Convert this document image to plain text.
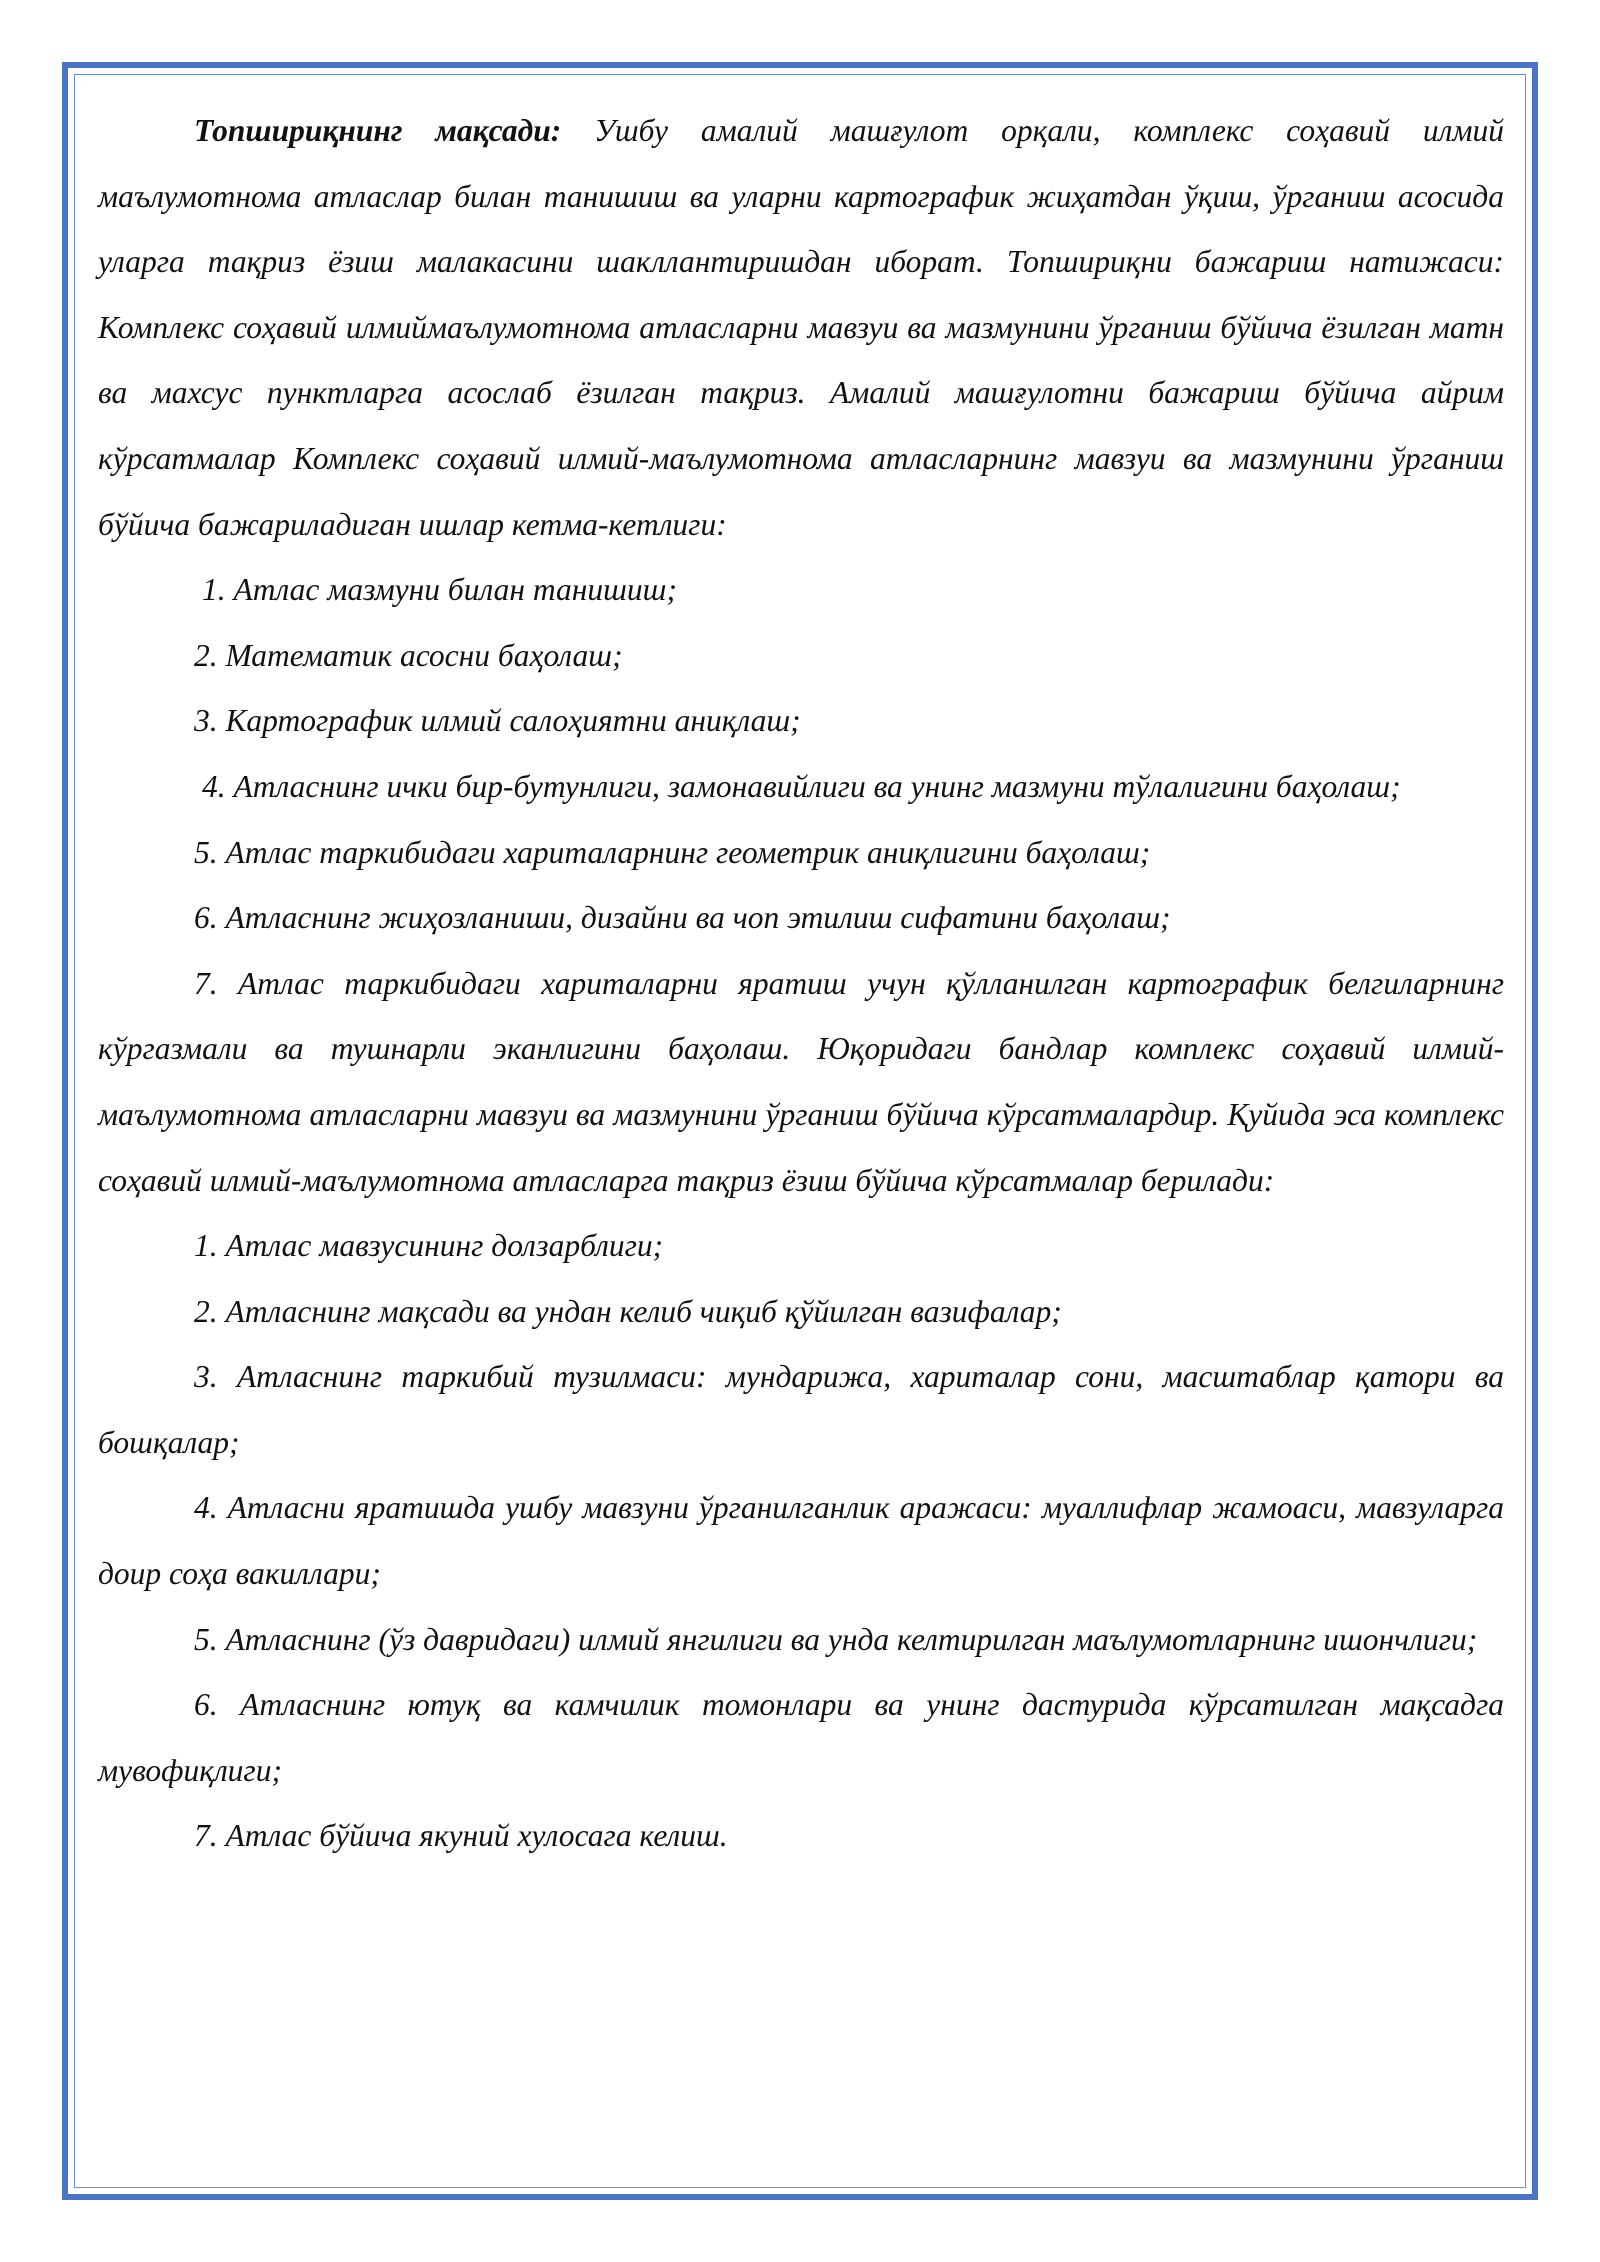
Топшириқнинг мақсади: Ушбу амалий машғулот орқали, комплекс соҳавий илмий маълумотнома атласлар билан танишиш ва уларни картографик жиҳатдан ўқиш, ўрганиш асосида уларга тақриз ёзиш малакасини шакллантиришдан иборат. Топшириқни бажариш натижаси: Комплекс соҳавий илмиймаълумотнома атласларни мавзуи ва мазмунини ўрганиш бўйича ёзилган матн ва махсус пунктларга асослаб ёзилган тақриз. Амалий машғулотни бажариш бўйича айрим кўрсатмалар Комплекс соҳавий илмий-маълумотнома атласларнинг мавзуи ва мазмунини ўрганиш бўйича бажариладиган ишлар кетма-кетлиги:

1. Атлас мазмуни билан танишиш;

2. Математик асосни баҳолаш;

3. Картографик илмий салоҳиятни аниқлаш;

4. Атласнинг ички бир-бутунлиги, замонавийлиги ва унинг мазмуни тўлалигини баҳолаш;

5. Атлас таркибидаги хариталарнинг геометрик аниқлигини баҳолаш;

6. Атласнинг жиҳозланиши, дизайни ва чоп этилиш сифатини баҳолаш;

7. Атлас таркибидаги хариталарни яратиш учун қўлланилган картографик белгиларнинг кўргазмали ва тушнарли эканлигини баҳолаш. Юқоридаги бандлар комплекс соҳавий илмий-маълумотнома атласларни мавзуи ва мазмунини ўрганиш бўйича кўрсатмалардир. Қуйида эса комплекс соҳавий илмий-маълумотнома атласларга тақриз ёзиш бўйича кўрсатмалар берилади:

1. Атлас мавзусининг долзарблиги;

2. Атласнинг мақсади ва ундан келиб чиқиб қўйилган вазифалар;

3. Атласнинг таркибий тузилмаси: мундарижа, хариталар сони, масштаблар қатори ва бошқалар;

4. Атласни яратишда ушбу мавзуни ўрганилганлик аражаси: муаллифлар жамоаси, мавзуларга доир соҳа вакиллари;

5. Атласнинг (ўз давридаги) илмий янгилиги ва унда келтирилган маълумотларнинг ишончлиги;

6. Атласнинг ютуқ ва камчилик томонлари ва унинг дастурида кўрсатилган мақсадга мувофиқлиги;

7. Атлас бўйича якуний хулосага келиш.
